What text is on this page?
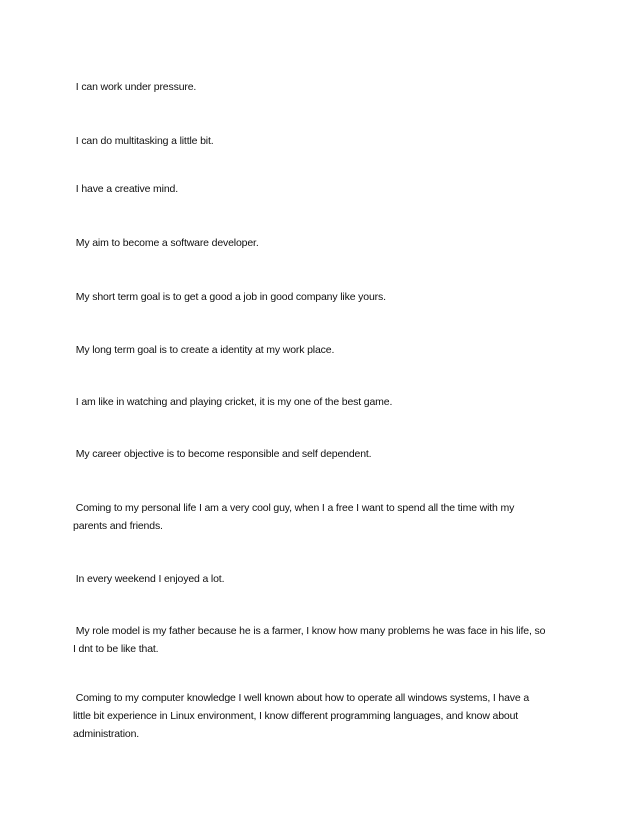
I can work under pressure.

I can do multitasking a little bit.

I have a creative mind.

My aim to become a software developer.

My short term goal is to get a good a job in good company like yours.

My long term goal is to create a identity at my work place.

I am like in watching and playing cricket, it is my one of the best game.

My career objective is to become responsible and self dependent.

Coming to my personal life I am a very cool guy, when I a free I want to spend all the time with my
parents and friends.

In every weekend I enjoyed a lot.

My role model is my father because he is a farmer, I know how many problems he was face in his life, so
I dnt to be like that.

Coming to my computer knowledge I well known about how to operate all windows systems, I have a
little bit experience in Linux environment, I know different programming languages, and know about
administration.
